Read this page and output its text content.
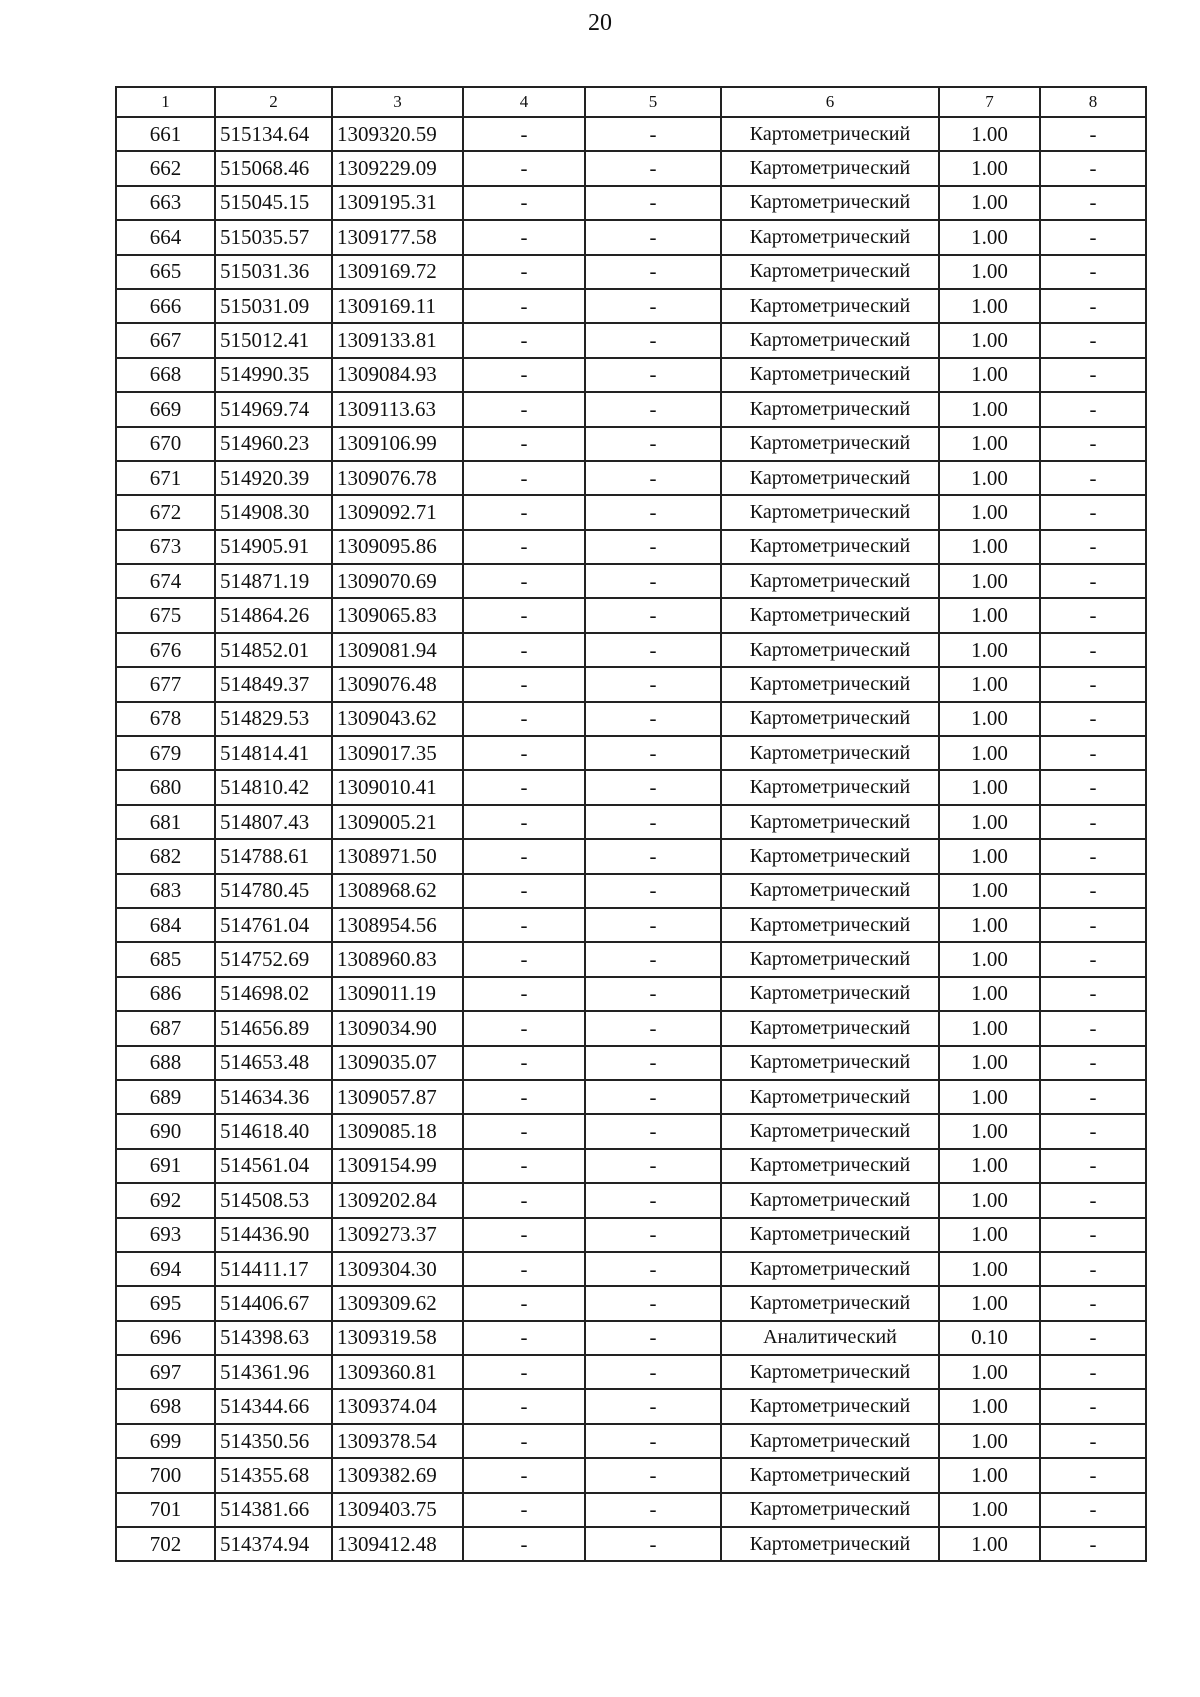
20
1	2	3	4	5	6	7	8
661	515134.64	1309320.59	-	-	Картометрический	1.00	-
662	515068.46	1309229.09	-	-	Картометрический	1.00	-
663	515045.15	1309195.31	-	-	Картометрический	1.00	-
664	515035.57	1309177.58	-	-	Картометрический	1.00	-
665	515031.36	1309169.72	-	-	Картометрический	1.00	-
666	515031.09	1309169.11	-	-	Картометрический	1.00	-
667	515012.41	1309133.81	-	-	Картометрический	1.00	-
668	514990.35	1309084.93	-	-	Картометрический	1.00	-
669	514969.74	1309113.63	-	-	Картометрический	1.00	-
670	514960.23	1309106.99	-	-	Картометрический	1.00	-
671	514920.39	1309076.78	-	-	Картометрический	1.00	-
672	514908.30	1309092.71	-	-	Картометрический	1.00	-
673	514905.91	1309095.86	-	-	Картометрический	1.00	-
674	514871.19	1309070.69	-	-	Картометрический	1.00	-
675	514864.26	1309065.83	-	-	Картометрический	1.00	-
676	514852.01	1309081.94	-	-	Картометрический	1.00	-
677	514849.37	1309076.48	-	-	Картометрический	1.00	-
678	514829.53	1309043.62	-	-	Картометрический	1.00	-
679	514814.41	1309017.35	-	-	Картометрический	1.00	-
680	514810.42	1309010.41	-	-	Картометрический	1.00	-
681	514807.43	1309005.21	-	-	Картометрический	1.00	-
682	514788.61	1308971.50	-	-	Картометрический	1.00	-
683	514780.45	1308968.62	-	-	Картометрический	1.00	-
684	514761.04	1308954.56	-	-	Картометрический	1.00	-
685	514752.69	1308960.83	-	-	Картометрический	1.00	-
686	514698.02	1309011.19	-	-	Картометрический	1.00	-
687	514656.89	1309034.90	-	-	Картометрический	1.00	-
688	514653.48	1309035.07	-	-	Картометрический	1.00	-
689	514634.36	1309057.87	-	-	Картометрический	1.00	-
690	514618.40	1309085.18	-	-	Картометрический	1.00	-
691	514561.04	1309154.99	-	-	Картометрический	1.00	-
692	514508.53	1309202.84	-	-	Картометрический	1.00	-
693	514436.90	1309273.37	-	-	Картометрический	1.00	-
694	514411.17	1309304.30	-	-	Картометрический	1.00	-
695	514406.67	1309309.62	-	-	Картометрический	1.00	-
696	514398.63	1309319.58	-	-	Аналитический	0.10	-
697	514361.96	1309360.81	-	-	Картометрический	1.00	-
698	514344.66	1309374.04	-	-	Картометрический	1.00	-
699	514350.56	1309378.54	-	-	Картометрический	1.00	-
700	514355.68	1309382.69	-	-	Картометрический	1.00	-
701	514381.66	1309403.75	-	-	Картометрический	1.00	-
702	514374.94	1309412.48	-	-	Картометрический	1.00	-
